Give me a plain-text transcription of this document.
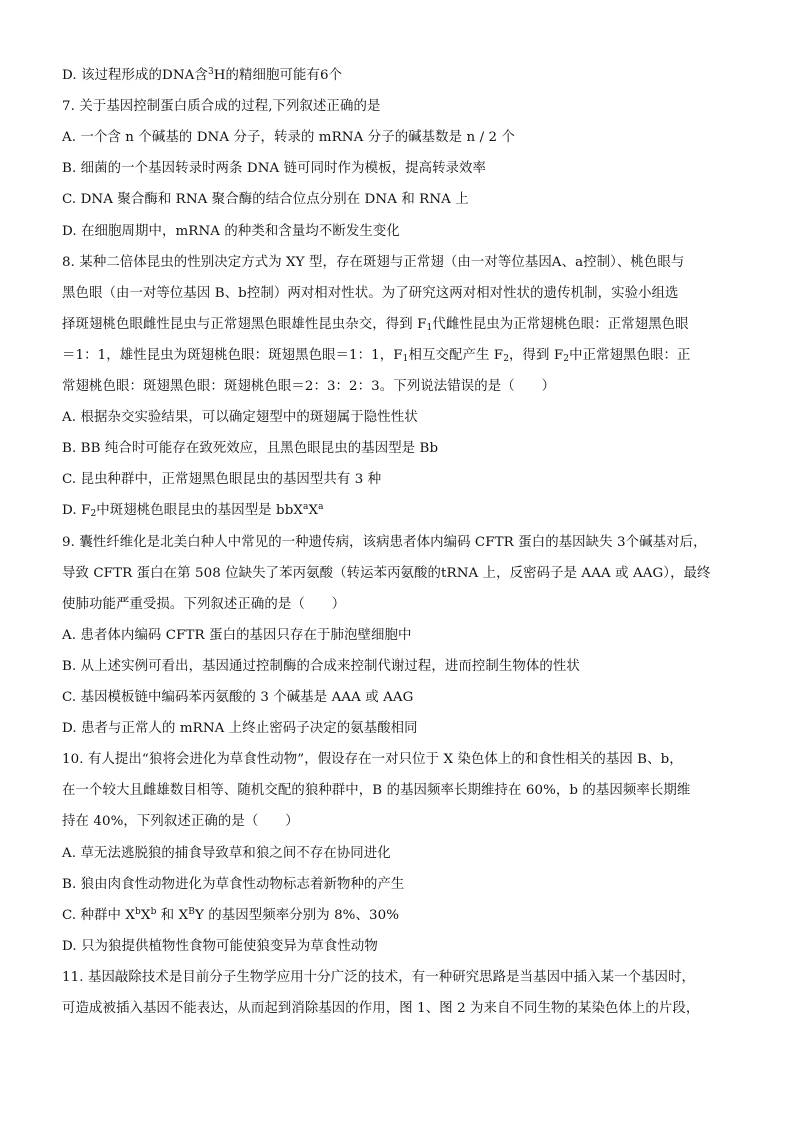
D. 该过程形成的DNA含$^3$H的精细胞可能有6个
7. 关于基因控制蛋白质合成的过程,下列叙述正确的是
A. 一个含 n 个碱基的 DNA 分子，转录的 mRNA 分子的碱基数是 n / 2 个
B. 细菌的一个基因转录时两条 DNA 链可同时作为模板，提高转录效率
C. DNA 聚合酶和 RNA 聚合酶的结合位点分别在 DNA 和 RNA 上
D. 在细胞周期中，mRNA 的种类和含量均不断发生变化
8. 某种二倍体昆虫的性别决定方式为 XY 型，存在斑翅与正常翅（由一对等位基因A、a控制）、桃色眼与
黑色眼（由一对等位基因 B、b控制）两对相对性状。为了研究这两对相对性状的遗传机制，实验小组选
择斑翅桃色眼雌性昆虫与正常翅黑色眼雄性昆虫杂交，得到 $F_1$代雌性昆虫为正常翅桃色眼：正常翅黑色眼
＝1：1，雄性昆虫为斑翅桃色眼：斑翅黑色眼＝1：1，$F_1$相互交配产生 $F_2$，得到 $F_2$中正常翅黑色眼：正
常翅桃色眼：斑翅黑色眼：斑翅桃色眼＝2：3：2：3。下列说法错误的是（　　）
A. 根据杂交实验结果，可以确定翅型中的斑翅属于隐性性状
B. BB 纯合时可能存在致死效应，且黑色眼昆虫的基因型是 Bb
C. 昆虫种群中，正常翅黑色眼昆虫的基因型共有 3 种
D. $F_2$中斑翅桃色眼昆虫的基因型是 $bbX^aX^a$
9. 囊性纤维化是北美白种人中常见的一种遗传病，该病患者体内编码 CFTR 蛋白的基因缺失 3个碱基对后，
导致 CFTR 蛋白在第 508 位缺失了苯丙氨酸（转运苯丙氨酸的tRNA 上，反密码子是 AAA 或 AAG），最终
使肺功能严重受损。下列叙述正确的是（　　）
A. 患者体内编码 CFTR 蛋白的基因只存在于肺泡壁细胞中
B. 从上述实例可看出，基因通过控制酶的合成来控制代谢过程，进而控制生物体的性状
C. 基因模板链中编码苯丙氨酸的 3 个碱基是 AAA 或 AAG
D. 患者与正常人的 mRNA 上终止密码子决定的氨基酸相同
10. 有人提出“狼将会进化为草食性动物”，假设存在一对只位于 X 染色体上的和食性相关的基因 B、b，
在一个较大且雌雄数目相等、随机交配的狼种群中，B 的基因频率长期维持在 60%，b 的基因频率长期维
持在 40%，下列叙述正确的是（　　）
A. 草无法逃脱狼的捕食导致草和狼之间不存在协同进化
B. 狼由肉食性动物进化为草食性动物标志着新物种的产生
C. 种群中 $X^bX^b$ 和 $X^BY$ 的基因型频率分别为 8%、30%
D. 只为狼提供植物性食物可能使狼变异为草食性动物
11. 基因敲除技术是目前分子生物学应用十分广泛的技术，有一种研究思路是当基因中插入某一个基因时，
可造成被插入基因不能表达，从而起到消除基因的作用，图 1、图 2 为来自不同生物的某染色体上的片段，
